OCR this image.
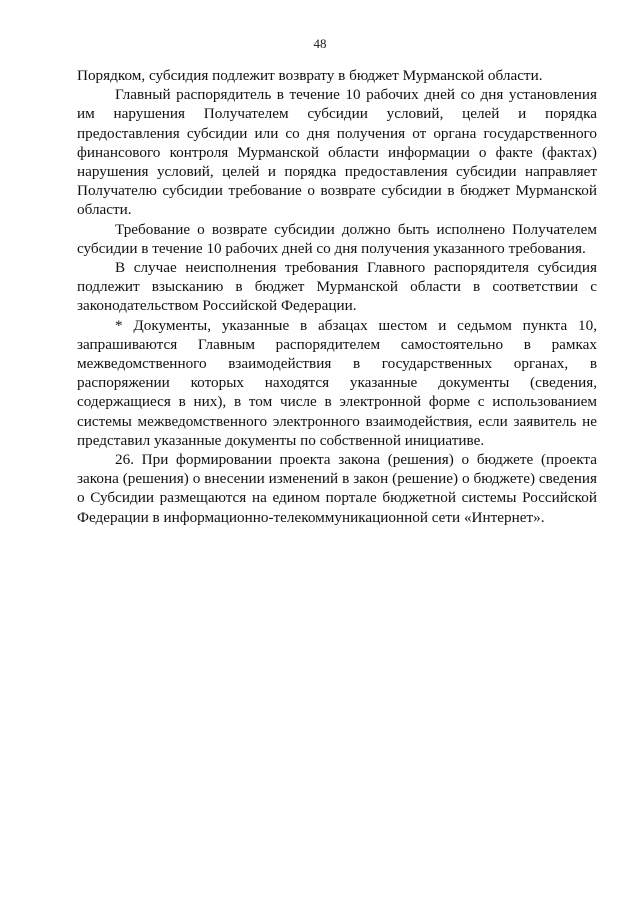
48

Порядком, субсидия подлежит возврату в бюджет Мурманской области.

Главный распорядитель в течение 10 рабочих дней со дня установления им нарушения Получателем субсидии условий, целей и порядка предоставления субсидии или со дня получения от органа государственного финансового контроля Мурманской области информации о факте (фактах) нарушения условий, целей и порядка предоставления субсидии направляет Получателю субсидии требование о возврате субсидии в бюджет Мурманской области.

Требование о возврате субсидии должно быть исполнено Получателем субсидии в течение 10 рабочих дней со дня получения указанного требования.

В случае неисполнения требования Главного распорядителя субсидия подлежит взысканию в бюджет Мурманской области в соответствии с законодательством Российской Федерации.

* Документы, указанные в абзацах шестом и седьмом пункта 10, запрашиваются Главным распорядителем самостоятельно в рамках межведомственного взаимодействия в государственных органах, в распоряжении которых находятся указанные документы (сведения, содержащиеся в них), в том числе в электронной форме с использованием системы межведомственного электронного взаимодействия, если заявитель не представил указанные документы по собственной инициативе.

26. При формировании проекта закона (решения) о бюджете (проекта закона (решения) о внесении изменений в закон (решение) о бюджете) сведения о Субсидии размещаются на едином портале бюджетной системы Российской Федерации в информационно-телекоммуникационной сети «Интернет».
